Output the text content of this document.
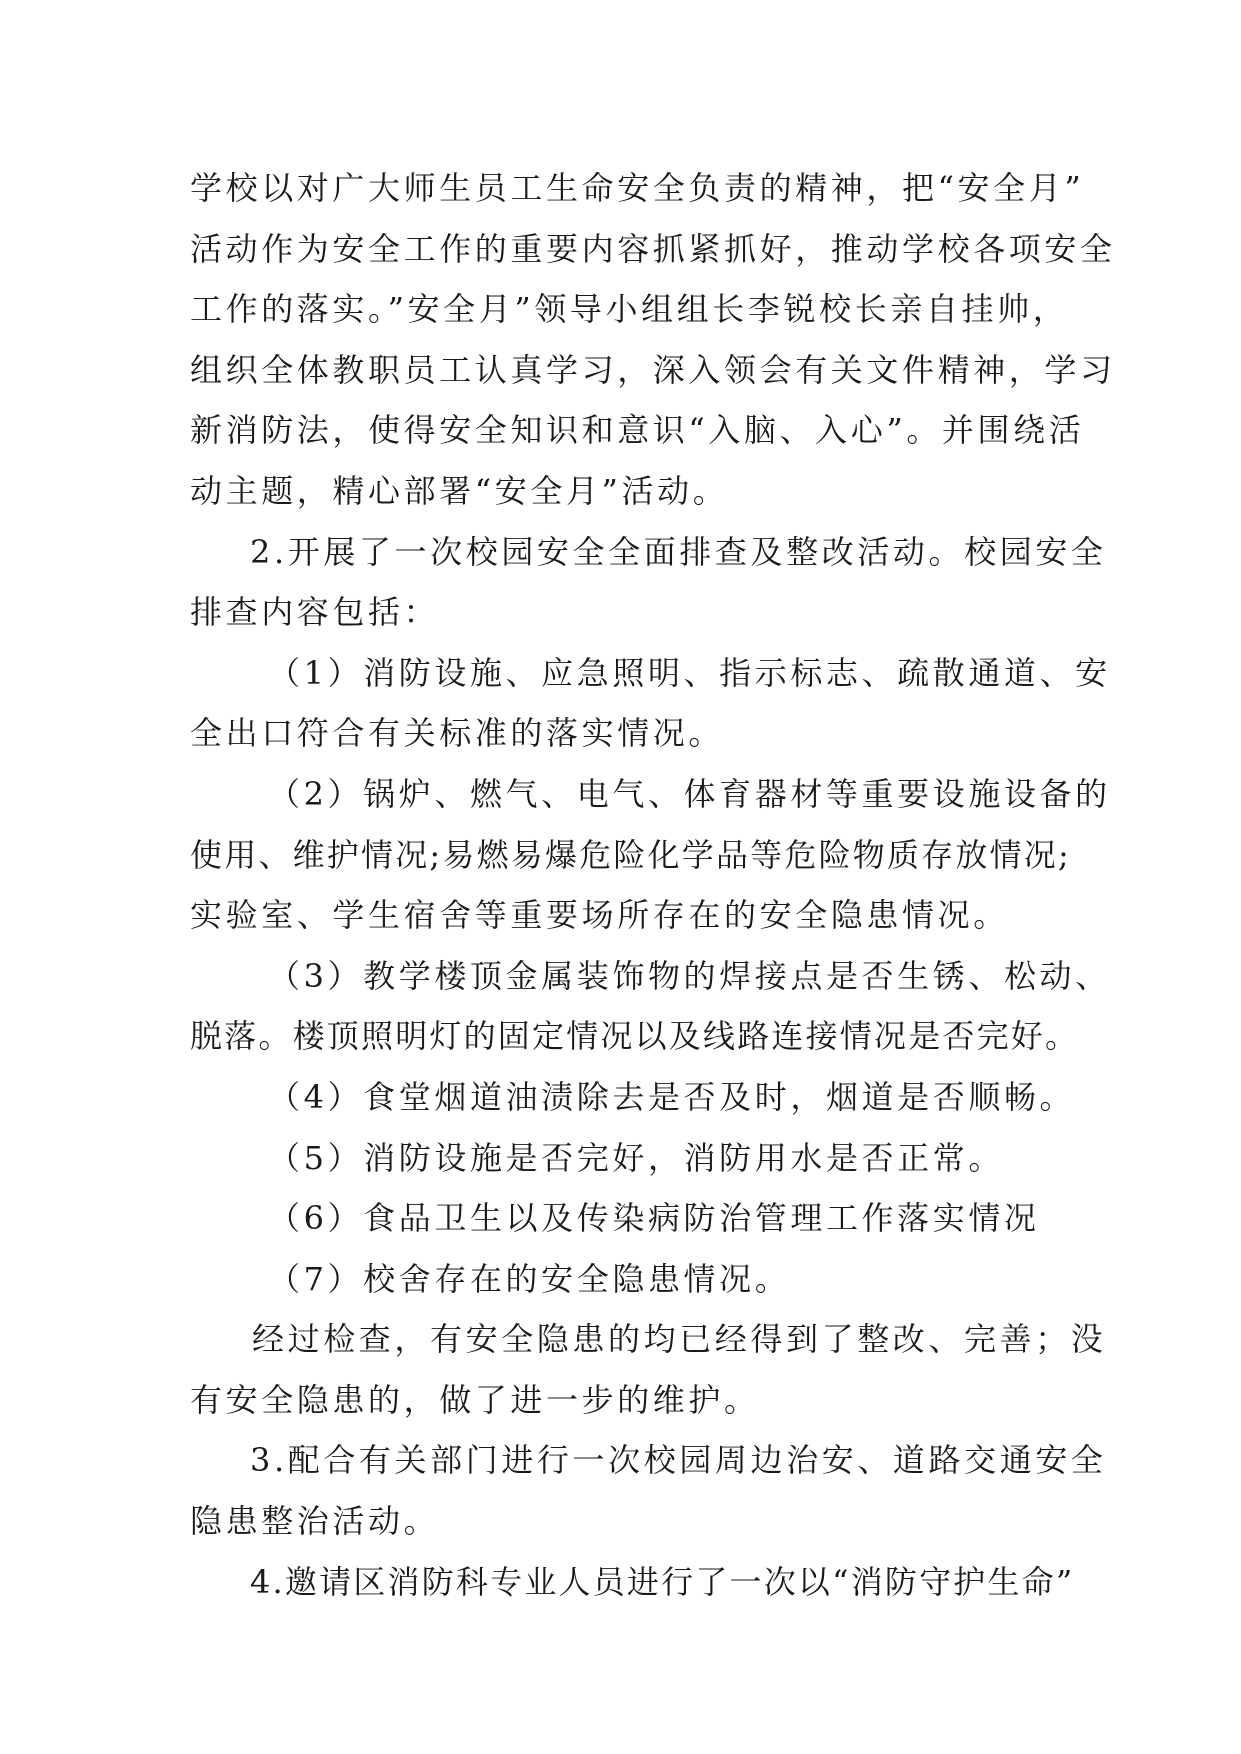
学校以对广大师生员工生命安全负责的精神，把“安全月”
活动作为安全工作的重要内容抓紧抓好，推动学校各项安全
工作的落实。”安全月”领导小组组长李锐校长亲自挂帅，
组织全体教职员工认真学习，深入领会有关文件精神，学习
新消防法，使得安全知识和意识“入脑、入心”。并围绕活
动主题，精心部署“安全月”活动。
2.开展了一次校园安全全面排查及整改活动。校园安全
排查内容包括：
（1）消防设施、应急照明、指示标志、疏散通道、安
全出口符合有关标准的落实情况。
（2）锅炉、燃气、电气、体育器材等重要设施设备的
使用、维护情况;易燃易爆危险化学品等危险物质存放情况;
实验室、学生宿舍等重要场所存在的安全隐患情况。
（3）教学楼顶金属装饰物的焊接点是否生锈、松动、
脱落。楼顶照明灯的固定情况以及线路连接情况是否完好。
（4）食堂烟道油渍除去是否及时，烟道是否顺畅。
（5）消防设施是否完好，消防用水是否正常。
（6）食品卫生以及传染病防治管理工作落实情况
（7）校舍存在的安全隐患情况。
经过检查，有安全隐患的均已经得到了整改、完善；没
有安全隐患的，做了进一步的维护。
3.配合有关部门进行一次校园周边治安、道路交通安全
隐患整治活动。
4.邀请区消防科专业人员进行了一次以“消防守护生命”
